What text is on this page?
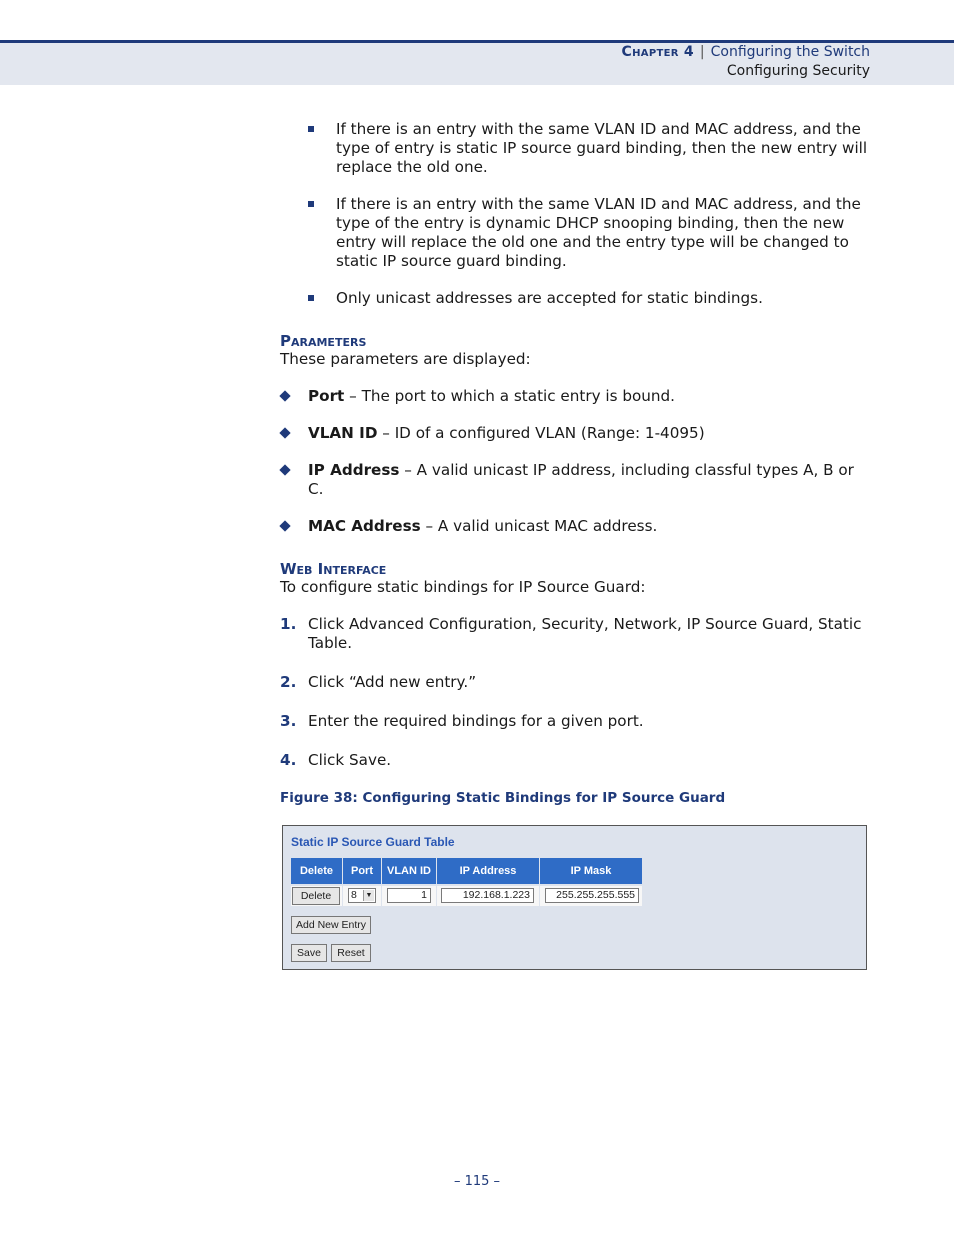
Chapter 4 | Configuring the Switch
Configuring Security
If there is an entry with the same VLAN ID and MAC address, and the type of entry is static IP source guard binding, then the new entry will replace the old one.
If there is an entry with the same VLAN ID and MAC address, and the type of the entry is dynamic DHCP snooping binding, then the new entry will replace the old one and the entry type will be changed to static IP source guard binding.
Only unicast addresses are accepted for static bindings.
Parameters
These parameters are displayed:
Port – The port to which a static entry is bound.
VLAN ID – ID of a configured VLAN (Range: 1-4095)
IP Address – A valid unicast IP address, including classful types A, B or C.
MAC Address – A valid unicast MAC address.
Web Interface
To configure static bindings for IP Source Guard:
1. Click Advanced Configuration, Security, Network, IP Source Guard, Static Table.
2. Click “Add new entry.”
3. Enter the required bindings for a given port.
4. Click Save.
Figure 38: Configuring Static Bindings for IP Source Guard
Static IP Source Guard Table
Delete	Port	VLAN ID	IP Address	IP Mask
Delete	8	▼	1	192.168.1.223	255.255.255.555
Add New Entry
Save	Reset
– 115 –
